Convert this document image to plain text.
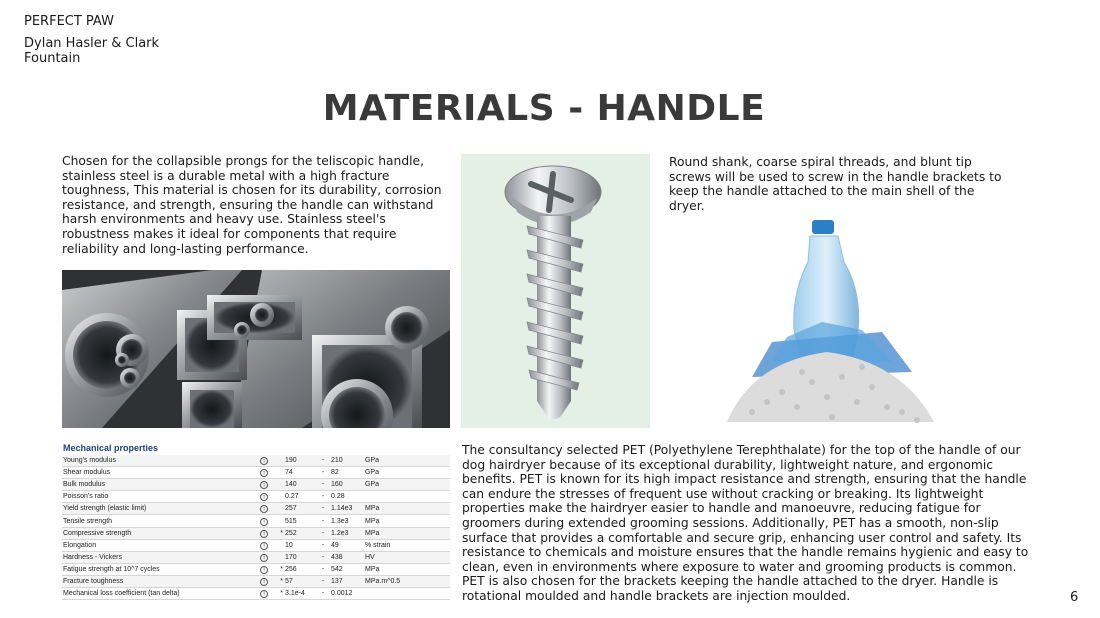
PERFECT PAW
Dylan Hasler & Clark Fountain
MATERIALS - HANDLE
Chosen for the collapsible prongs for the teliscopic handle, stainless steel is a durable metal with a high fracture toughness, This material is chosen for its durability, corrosion resistance, and strength, ensuring the handle can withstand harsh environments and heavy use. Stainless steel's robustness makes it ideal for components that require reliability and long-lasting performance.
Round shank, coarse spiral threads, and blunt tip screws will be used to screw in the handle brackets to keep the handle attached to the main shell of the dryer.
Mechanical properties
Young's modulus	i		190	-	210	GPa
Shear modulus	i		74	-	82	GPa
Bulk modulus	i		140	-	160	GPa
Poisson's ratio	i		0.27	-	0.28	
Yield strength (elastic limit)	i		257	-	1.14e3	MPa
Tensile strength	i		515	-	1.3e3	MPa
Compressive strength	i	*	252	-	1.2e3	MPa
Elongation	i		10	-	49	% strain
Hardness - Vickers	i		170	-	438	HV
Fatigue strength at 10^7 cycles	i	*	256	-	542	MPa
Fracture toughness	i	*	57	-	137	MPa.m^0.5
Mechanical loss coefficient (tan delta)	i	*	3.1e-4	-	0.0012	
The consultancy selected PET (Polyethylene Terephthalate) for the top of the handle of our dog hairdryer because of its exceptional durability, lightweight nature, and ergonomic benefits. PET is known for its high impact resistance and strength, ensuring that the handle can endure the stresses of frequent use without cracking or breaking. Its lightweight properties make the hairdryer easier to handle and manoeuvre, reducing fatigue for groomers during extended grooming sessions. Additionally, PET has a smooth, non-slip surface that provides a comfortable and secure grip, enhancing user control and safety. Its resistance to chemicals and moisture ensures that the handle remains hygienic and easy to clean, even in environments where exposure to water and grooming products is common. PET is also chosen for the brackets keeping the handle attached to the dryer. Handle is rotational moulded and handle brackets are injection moulded.	6
